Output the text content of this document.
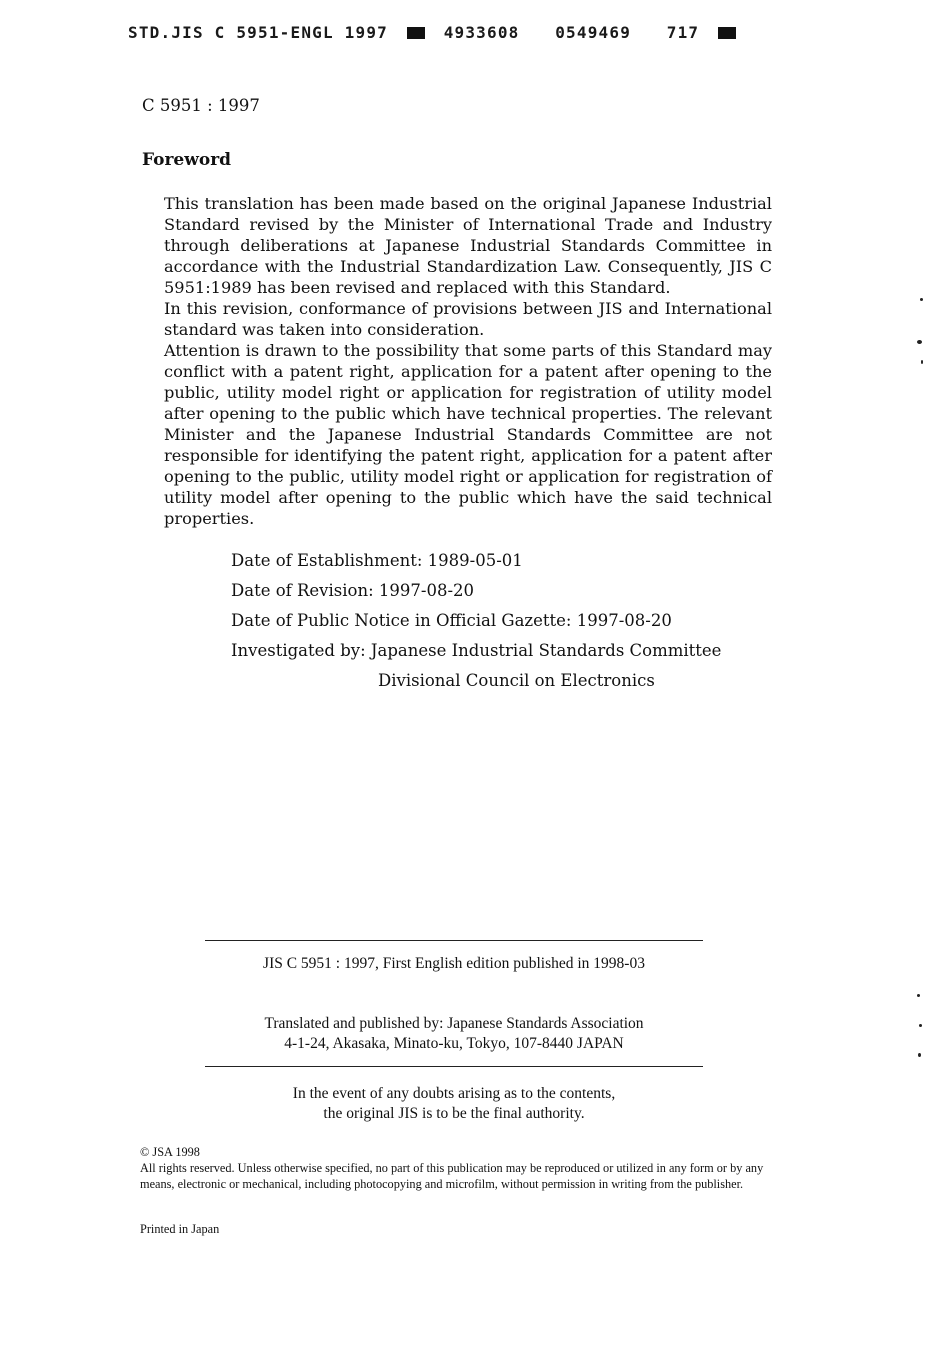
STD.JIS C 5951-ENGL 1997	4933608 0549469 717
C 5951 : 1997
Foreword

This translation has been made based on the original Japanese Industrial Standard revised by the Minister of International Trade and Industry through deliberations at Japanese Industrial Standards Committee in accordance with the Industrial Standardization Law. Consequently, JIS C 5951:1989 has been revised and replaced with this Standard.

In this revision, conformance of provisions between JIS and International standard was taken into consideration.

Attention is drawn to the possibility that some parts of this Standard may conflict with a patent right, application for a patent after opening to the public, utility model right or application for registration of utility model after opening to the public which have technical properties. The relevant Minister and the Japanese Industrial Standards Committee are not responsible for identifying the patent right, application for a patent after opening to the public, utility model right or application for registration of utility model after opening to the public which have the said technical properties.

Date of Establishment: 1989-05-01
Date of Revision: 1997-08-20
Date of Public Notice in Official Gazette: 1997-08-20
Investigated by: Japanese Industrial Standards Committee
Divisional Council on Electronics
JIS C 5951 : 1997, First English edition published in 1998-03
Translated and published by: Japanese Standards Association
4-1-24, Akasaka, Minato-ku, Tokyo, 107-8440 JAPAN
In the event of any doubts arising as to the contents,
the original JIS is to be the final authority.
© JSA 1998
All rights reserved. Unless otherwise specified, no part of this publication may be reproduced or utilized in any form or by any means, electronic or mechanical, including photocopying and microfilm, without permission in writing from the publisher.
Printed in Japan
